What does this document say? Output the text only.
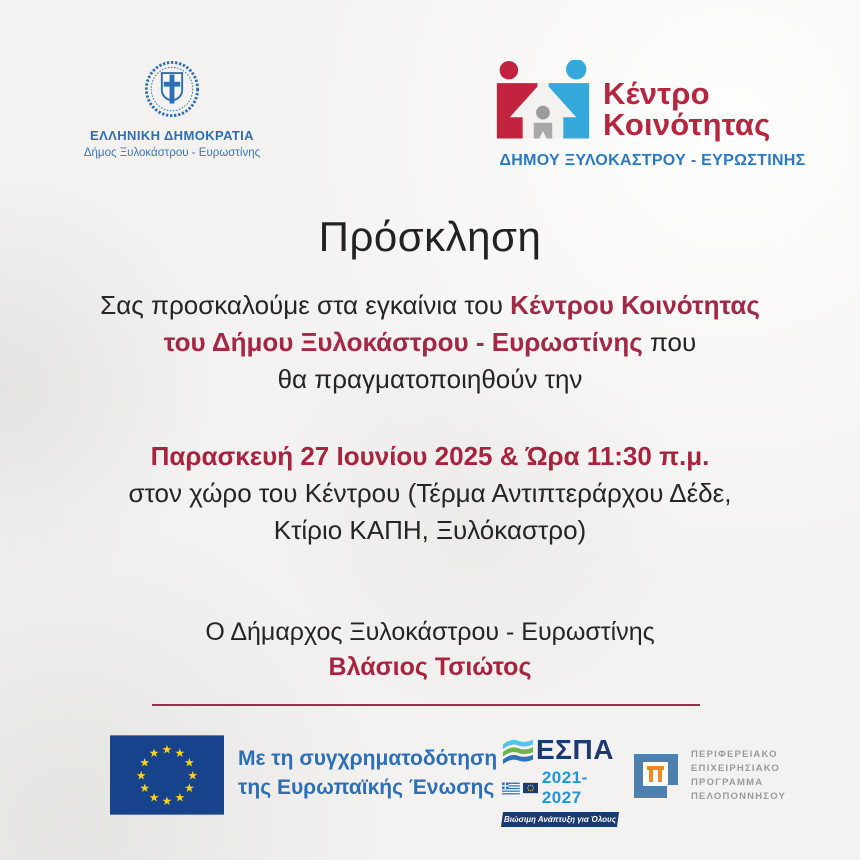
ΕΛΛΗΝΙΚΗ ΔΗΜΟΚΡΑΤΙΑ
Δήμος Ξυλοκάστρου - Ευρωστίνης
Κέντρο
Κοινότητας
ΔΗΜΟΥ ΞΥΛΟΚΑΣΤΡΟΥ - ΕΥΡΩΣΤΙΝΗΣ
Πρόσκληση
Σας προσκαλούμε στα εγκαίνια του Κέντρου Κοινότητας
του Δήμου Ξυλοκάστρου - Ευρωστίνης που
θα πραγματοποιηθούν την
Παρασκευή 27 Ιουνίου 2025 & Ώρα 11:30 π.μ.
στον χώρο του Κέντρου (Τέρμα Αντιπτεράρχου Δέδε,
Κτίριο ΚΑΠΗ, Ξυλόκαστρο)
Ο Δήμαρχος Ξυλοκάστρου - Ευρωστίνης
Βλάσιος Τσιώτος
★ ★
★
★
★
★
★
★
★
★
★
★	Με τη συγχρηματοδότηση
της Ευρωπαϊκής Ένωσης
ΕΣΠΑ
2021-2027
Βιώσιμη Ανάπτυξη για Όλους
ΠΕΡΙΦΕΡΕΙΑΚΟ
ΕΠΙΧΕΙΡΗΣΙΑΚΟ
ΠΡΟΓΡΑΜΜΑ
ΠΕΛΟΠΟΝΝΗΣΟΥ
